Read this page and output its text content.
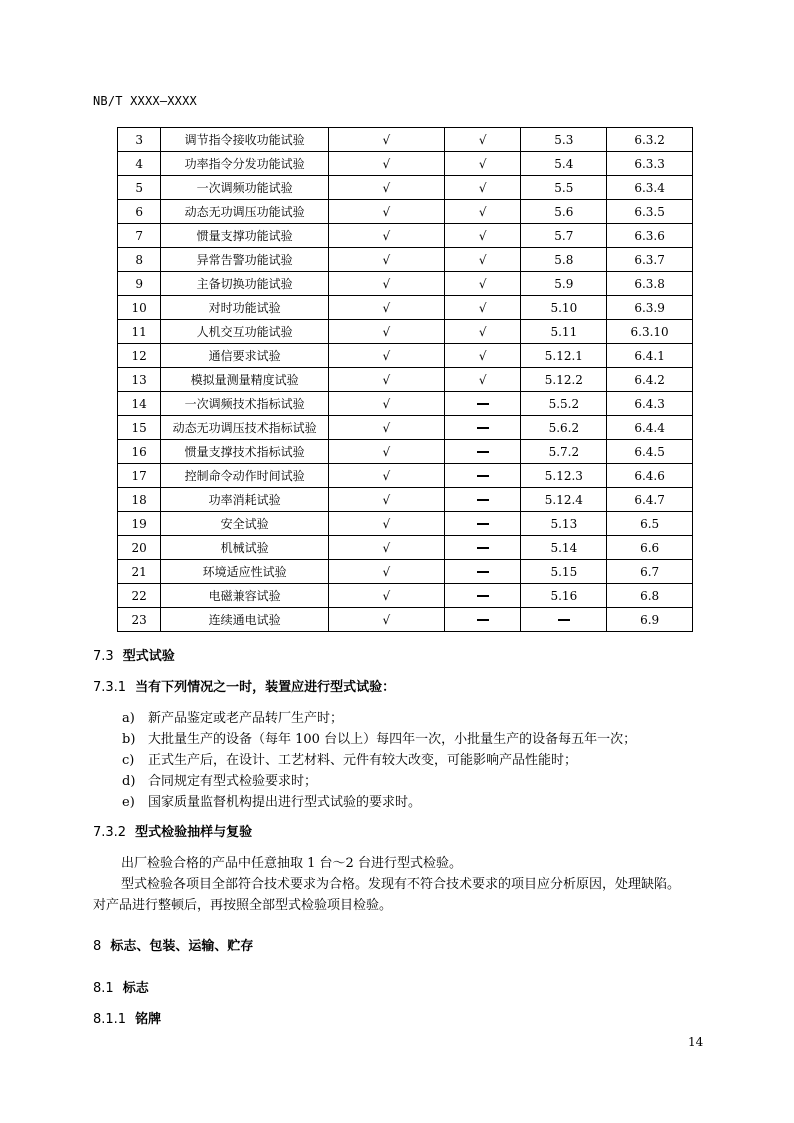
NB/T XXXX—XXXX
3	调节指令接收功能试验	√	√	5.3	6.3.2
4	功率指令分发功能试验	√	√	5.4	6.3.3
5	一次调频功能试验	√	√	5.5	6.3.4
6	动态无功调压功能试验	√	√	5.6	6.3.5
7	惯量支撑功能试验	√	√	5.7	6.3.6
8	异常告警功能试验	√	√	5.8	6.3.7
9	主备切换功能试验	√	√	5.9	6.3.8
10	对时功能试验	√	√	5.10	6.3.9
11	人机交互功能试验	√	√	5.11	6.3.10
12	通信要求试验	√	√	5.12.1	6.4.1
13	模拟量测量精度试验	√	√	5.12.2	6.4.2
14	一次调频技术指标试验	√		5.5.2	6.4.3
15	动态无功调压技术指标试验	√		5.6.2	6.4.4
16	惯量支撑技术指标试验	√		5.7.2	6.4.5
17	控制命令动作时间试验	√		5.12.3	6.4.6
18	功率消耗试验	√		5.12.4	6.4.7
19	安全试验	√		5.13	6.5
20	机械试验	√		5.14	6.6
21	环境适应性试验	√		5.15	6.7
22	电磁兼容试验	√		5.16	6.8
23	连续通电试验	√			6.9
7.3 型式试验
7.3.1 当有下列情况之一时，装置应进行型式试验：
a) 新产品鉴定或老产品转厂生产时；
b) 大批量生产的设备（每年 100 台以上）每四年一次，小批量生产的设备每五年一次；
c) 正式生产后，在设计、工艺材料、元件有较大改变，可能影响产品性能时；
d) 合同规定有型式检验要求时；
e) 国家质量监督机构提出进行型式试验的要求时。
7.3.2 型式检验抽样与复验
出厂检验合格的产品中任意抽取 1 台～2 台进行型式检验。
型式检验各项目全部符合技术要求为合格。发现有不符合技术要求的项目应分析原因，处理缺陷。
对产品进行整顿后，再按照全部型式检验项目检验。
8 标志、包装、运输、贮存
8.1 标志
8.1.1 铭牌
14
